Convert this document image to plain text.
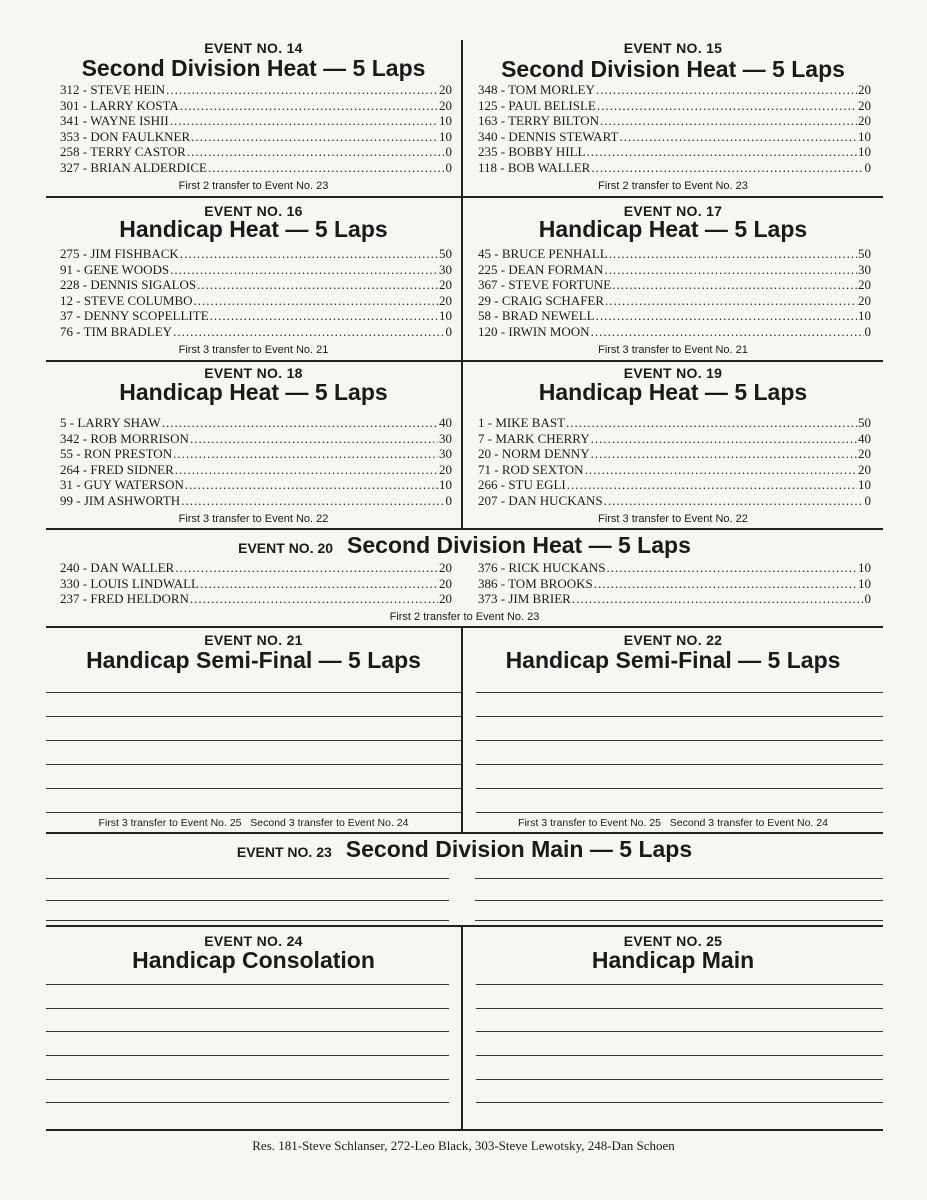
EVENT NO. 14
Second Division Heat — 5 Laps
312 - STEVE HEIN .....	20
301 - LARRY KOSTA .....	20
341 - WAYNE ISHII .....	10
353 - DON FAULKNER .....	10
258 - TERRY CASTOR .....	0
327 - BRIAN ALDERDICE .....	0
First 2 transfer to Event No. 23
EVENT NO. 15
Second Division Heat — 5 Laps
348 - TOM MORLEY .....	20
125 - PAUL BELISLE .....	20
163 - TERRY BILTON .....	20
340 - DENNIS STEWART .....	10
235 - BOBBY HILL .....	10
118 - BOB WALLER .....	0
First 2 transfer to Event No. 23
EVENT NO. 16
Handicap Heat — 5 Laps
275 - JIM FISHBACK .....	50
91 - GENE WOODS .....	30
228 - DENNIS SIGALOS .....	20
12 - STEVE COLUMBO .....	20
37 - DENNY SCOPELLITE .....	10
76 - TIM BRADLEY .....	0
First 3 transfer to Event No. 21
EVENT NO. 17
Handicap Heat — 5 Laps
45 - BRUCE PENHALL .....	50
225 - DEAN FORMAN .....	30
367 - STEVE FORTUNE .....	20
29 - CRAIG SCHAFER .....	20
58 - BRAD NEWELL .....	10
120 - IRWIN MOON .....	0
First 3 transfer to Event No. 21
EVENT NO. 18
Handicap Heat — 5 Laps
5 - LARRY SHAW .....	40
342 - ROB MORRISON .....	30
55 - RON PRESTON .....	30
264 - FRED SIDNER .....	20
31 - GUY WATERSON .....	10
99 - JIM ASHWORTH .....	0
First 3 transfer to Event No. 22
EVENT NO. 19
Handicap Heat — 5 Laps
1 - MIKE BAST .....	50
7 - MARK CHERRY .....	40
20 - NORM DENNY .....	20
71 - ROD SEXTON .....	20
266 - STU EGLI .....	10
207 - DAN HUCKANS .....	0
First 3 transfer to Event No. 22
EVENT NO. 20 Second Division Heat — 5 Laps
240 - DAN WALLER .....	20
330 - LOUIS LINDWALL .....	20
237 - FRED HELDORN .....	20
376 - RICK HUCKANS .....	10
386 - TOM BROOKS .....	10
373 - JIM BRIER .....	0
First 2 transfer to Event No. 23
EVENT NO. 21
Handicap Semi-Final — 5 Laps
First 3 transfer to Event No. 25 Second 3 transfer to Event No. 24
EVENT NO. 22
Handicap Semi-Final — 5 Laps
First 3 transfer to Event No. 25 Second 3 transfer to Event No. 24
EVENT NO. 23 Second Division Main — 5 Laps
EVENT NO. 24
Handicap Consolation
EVENT NO. 25
Handicap Main
Res. 181-Steve Schlanser, 272-Leo Black, 303-Steve Lewotsky, 248-Dan Schoen
